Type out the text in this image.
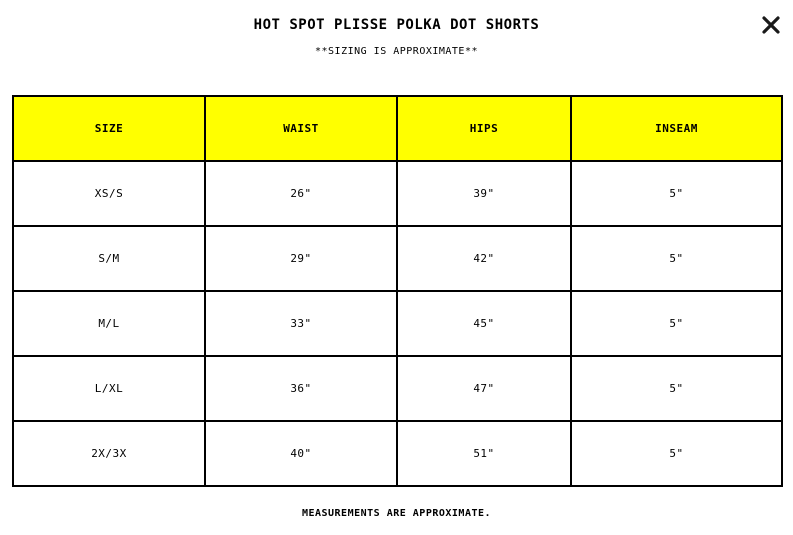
HOT SPOT PLISSE POLKA DOT SHORTS
**SIZING IS APPROXIMATE**
SIZE	WAIST	HIPS	INSEAM
XS/S	26"	39"	5"
S/M	29"	42"	5"
M/L	33"	45"	5"
L/XL	36"	47"	5"
2X/3X	40"	51"	5"
MEASUREMENTS ARE APPROXIMATE.
